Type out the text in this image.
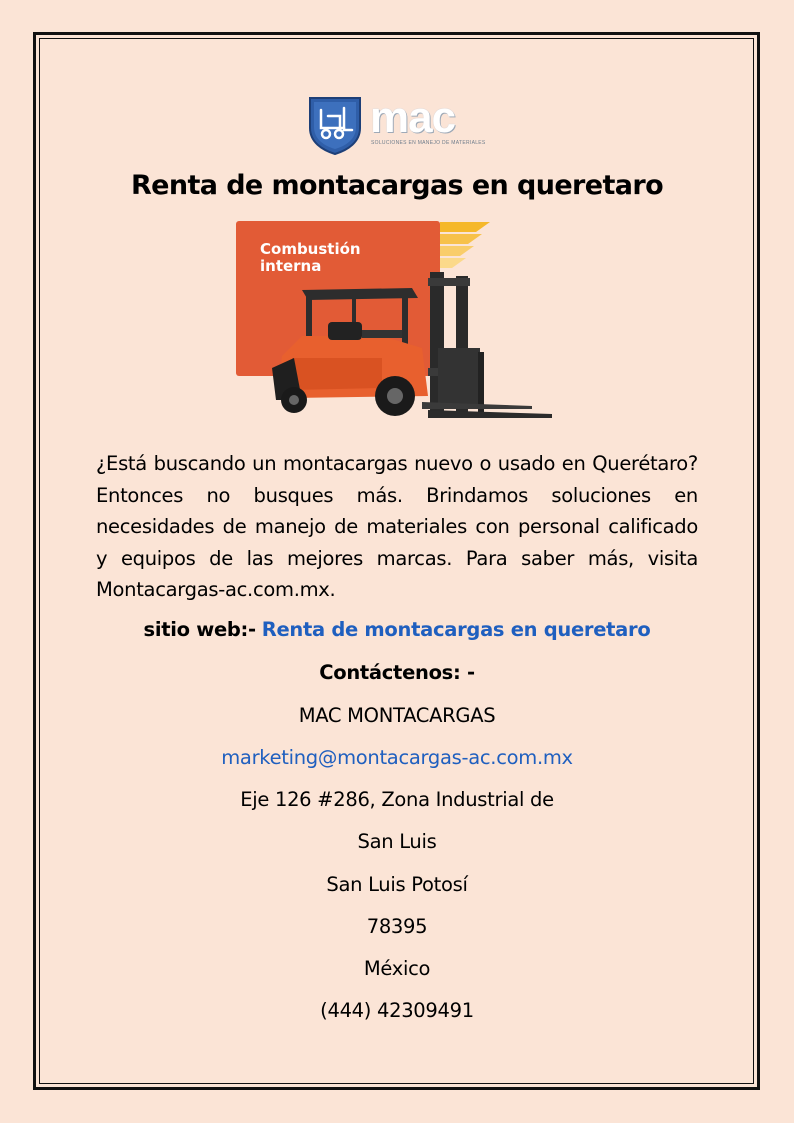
mac
SOLUCIONES EN MANEJO DE MATERIALES
Renta de montacargas en queretaro
Combustión
interna
¿Está buscando un montacargas nuevo o usado en Querétaro?
Entonces no busques más. Brindamos soluciones en
necesidades de manejo de materiales con personal calificado
y equipos de las mejores marcas. Para saber más, visita
Montacargas-ac.com.mx.
sitio web:- Renta de montacargas en queretaro
Contáctenos: -
MAC MONTACARGAS
marketing@montacargas-ac.com.mx
Eje 126 #286, Zona Industrial de
San Luis
San Luis Potosí
78395
México
(444) 42309491
